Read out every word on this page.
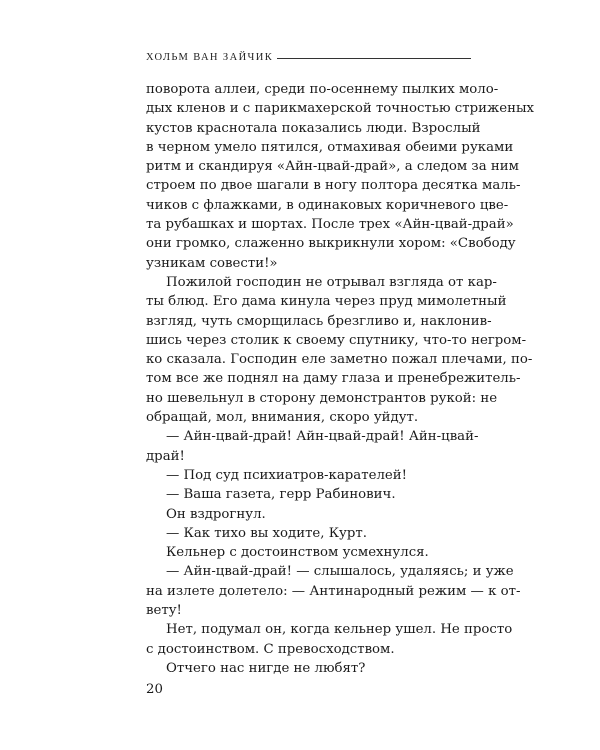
ХОЛЬМ ВАН ЗАЙЧИК
поворота аллеи, среди по-осеннему пылких моло-
дых кленов и с парикмахерской точностью стриженых
кустов краснотала показались люди. Взрослый
в черном умело пятился, отмахивая обеими руками
ритм и скандируя «Айн-цвай-драй», а следом за ним
строем по двое шагали в ногу полтора десятка маль-
чиков с флажками, в одинаковых коричневого цве-
та рубашках и шортах. После трех «Айн-цвай-драй»
они громко, слаженно выкрикнули хором: «Свободу
узникам совести!»
Пожилой господин не отрывал взгляда от кар-
ты блюд. Его дама кинула через пруд мимолетный
взгляд, чуть сморщилась брезгливо и, наклонив-
шись через столик к своему спутнику, что-то негром-
ко сказала. Господин еле заметно пожал плечами, по-
том все же поднял на даму глаза и пренебрежитель-
но шевельнул в сторону демонстрантов рукой: не
обращай, мол, внимания, скоро уйдут.
— Айн-цвай-драй! Айн-цвай-драй! Айн-цвай-
драй!
— Под суд психиатров-карателей!
— Ваша газета, герр Рабинович.
Он вздрогнул.
— Как тихо вы ходите, Курт.
Кельнер с достоинством усмехнулся.
— Айн-цвай-драй! — слышалось, удаляясь; и уже
на излете долетело: — Антинародный режим — к от-
вету!
Нет, подумал он, когда кельнер ушел. Не просто
с достоинством. С превосходством.
Отчего нас нигде не любят?
20
